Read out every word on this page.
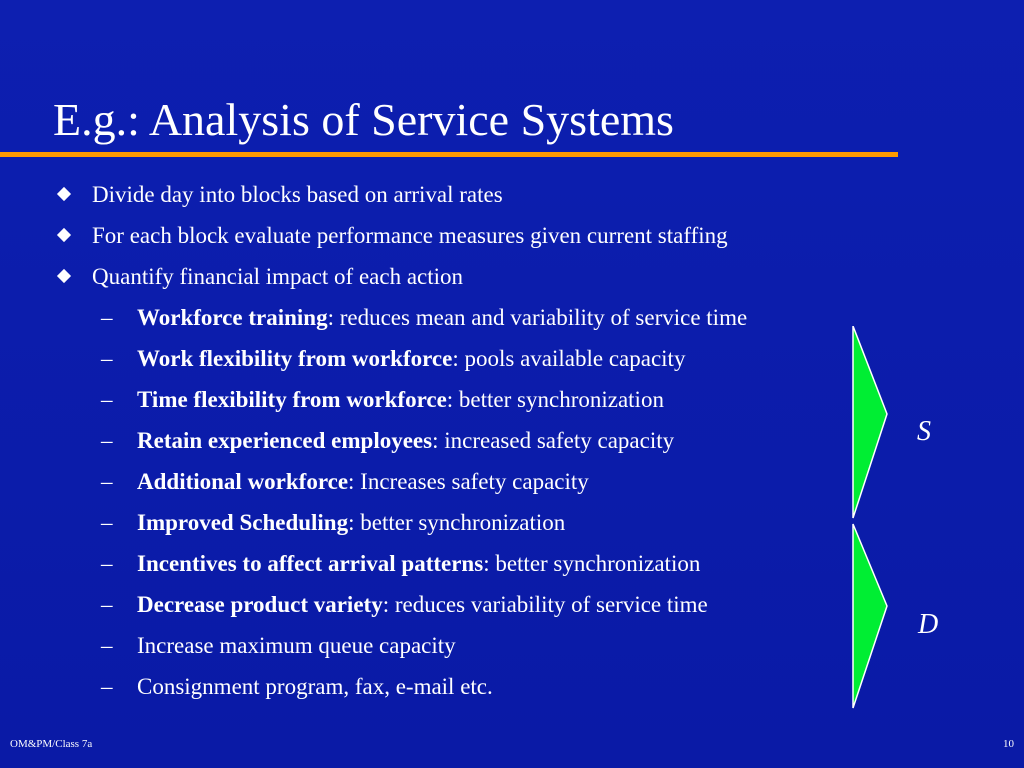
E.g.: Analysis of Service Systems
Divide day into blocks based on arrival rates
For each block evaluate performance measures given current staffing
Quantify financial impact of each action
– Workforce training: reduces mean and variability of service time
– Work flexibility from workforce: pools available capacity
– Time flexibility from workforce: better synchronization
– Retain experienced employees: increased safety capacity
– Additional workforce: Increases safety capacity
– Improved Scheduling: better synchronization
– Incentives to affect arrival patterns: better synchronization
– Decrease product variety: reduces variability of service time
– Increase maximum queue capacity
– Consignment program, fax, e-mail etc.
S
D
OM&PM/Class 7a	10
